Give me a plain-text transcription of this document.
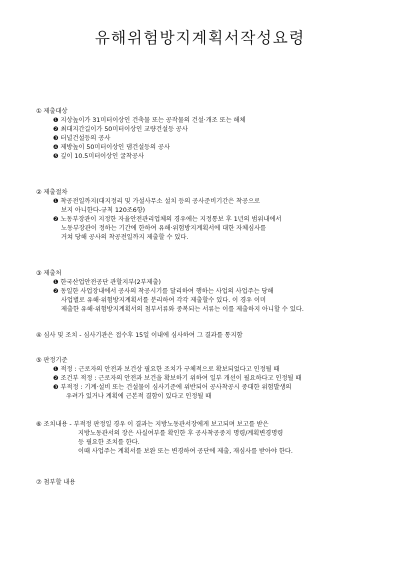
유해위험방지계획서작성요령
① 제출대상
❶ 지상높이가 31미터이상인 건축물 또는 공작물의 건설·개조 또는 해체
❷ 최대지간길이가 50미터이상인 교량건설등 공사
❸ 터널건설등의 공사
❹ 제방높이 50미터이상인 댐건설등의 공사
❺ 깊이 10.5미터이상인 굴착공사
② 제출절차
❶ 착공전일까지(대지정리 및 가설사무소 설치 등의 공사준비기간은 착공으로
보지 아니한다-규칙 120조6항)
❷ 노동부장관이 지정한 자율안전관리업체의 경우에는 지정통보 후 1년의 범위내에서
노동부장관이 정하는 기간에 한하여 유해·위험방지계획서에 대한 자체심사를
거쳐 당해 공사의 착공전일까지 제출할 수 있다.
③ 제출처
❶ 한국산업안전공단 관할지부(2부제출)
❷ 동일한 사업장내에서 공사의 착공시기를 달리하여 행하는 사업의 사업주는 당해
사업별로 유해·위험방지계획서를 분리하여 각각 제출할수 있다. 이 경우 이미
제출한 유해·위험방지계획서의 첨부서류와 중복되는 서류는 이를 제출하지 아니할 수 있다.
④ 심사 및 조치 - 심사기관은 접수후 15일 이내에 심사하여 그 결과를 통지함
⑤ 판정기준
❶ 적정 : 근로자의 안전과 보건상 필요한 조치가 구체적으로 확보되었다고 인정될 때
❷ 조건부 적정 : 근로자의 안전과 보건을 확보하기 위하여 일부 개선이 필요하다고 인정될 때
❸ 부적정 : 기계·설비 또는 건설물이 심사기준에 위반되어 공사착공시 중대한 위험발생의
우려가 있거나 계획에 근본적 결함이 있다고 인정될 때
⑥ 조치내용 - 부적정 판정일 경우 이 결과는 지방노동관서장에게 보고되며 보고를 받은
지방노동관서의 장은 사실여부를 확인한 후 공사착공중지 명령/계획변경명령
등 필요한 조치를 한다.
이때 사업주는 계획서를 보완 또는 변경하여 공단에 제출, 재심사를 받아야 한다.
⑦ 첨부할 내용
